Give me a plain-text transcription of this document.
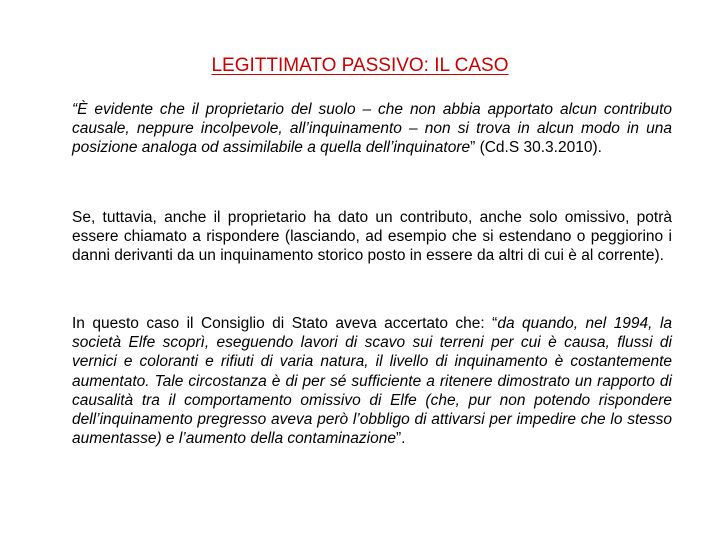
LEGITTIMATO PASSIVO: IL CASO

“È evidente che il proprietario del suolo – che non abbia apportato alcun contributo causale, neppure incolpevole, all’inquinamento – non si trova in alcun modo in una posizione analoga od assimilabile a quella dell’inquinatore” (Cd.S 30.3.2010).

Se, tuttavia, anche il proprietario ha dato un contributo, anche solo omissivo, potrà essere chiamato a rispondere (lasciando, ad esempio che si estendano o peggiorino i danni derivanti da un inquinamento storico posto in essere da altri di cui è al corrente).

In questo caso il Consiglio di Stato aveva accertato che: “da quando, nel 1994, la società Elfe scoprì, eseguendo lavori di scavo sui terreni per cui è causa, flussi di vernici e coloranti e rifiuti di varia natura, il livello di inquinamento è costantemente aumentato. Tale circostanza è di per sé sufficiente a ritenere dimostrato un rapporto di causalità tra il comportamento omissivo di Elfe (che, pur non potendo rispondere dell’inquinamento pregresso aveva però l’obbligo di attivarsi per impedire che lo stesso aumentasse) e l’aumento della contaminazione”.
